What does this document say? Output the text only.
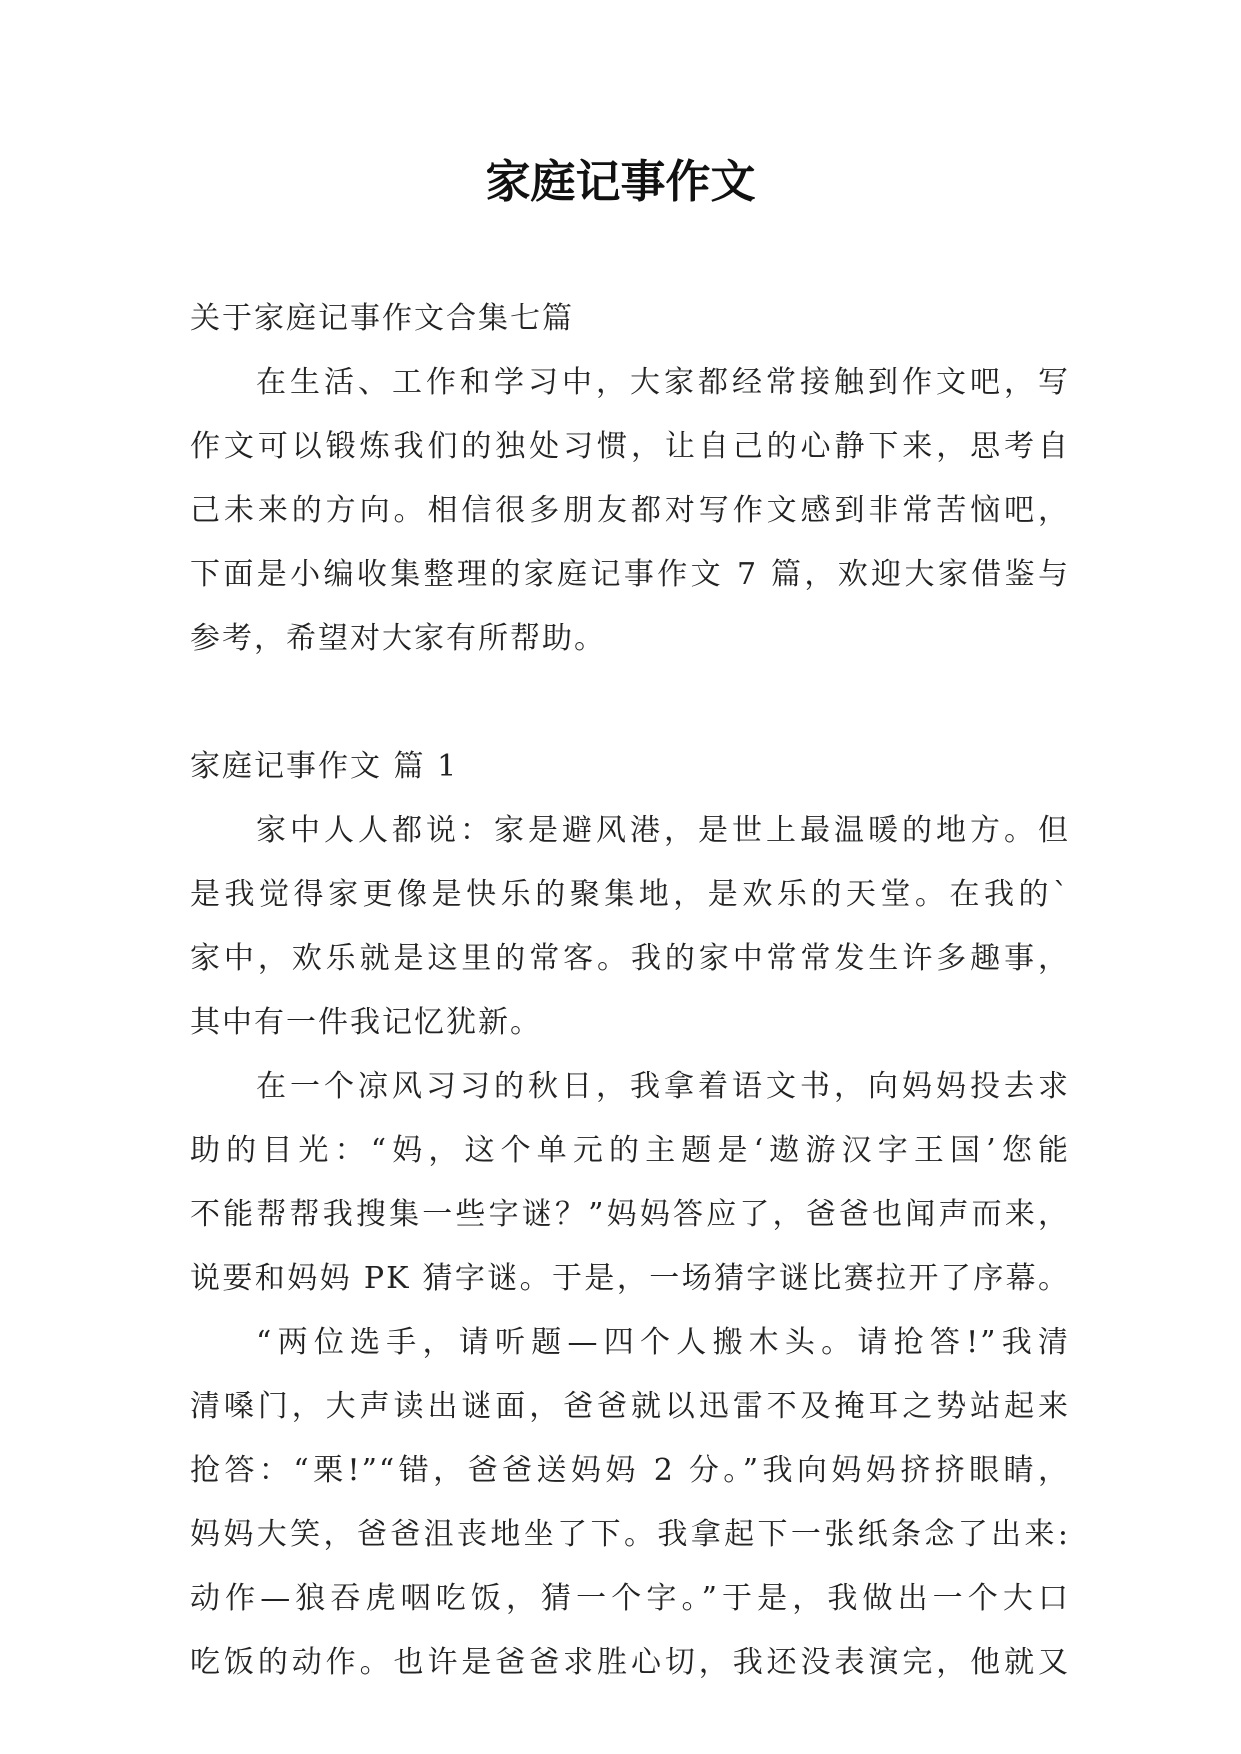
家庭记事作文

关于家庭记事作文合集七篇

在生活、工作和学习中，大家都经常接触到作文吧，写

作文可以锻炼我们的独处习惯，让自己的心静下来，思考自

己未来的方向。相信很多朋友都对写作文感到非常苦恼吧，

下面是小编收集整理的家庭记事作文 7 篇，欢迎大家借鉴与

参考，希望对大家有所帮助。

家庭记事作文 篇 1

家中人人都说：家是避风港，是世上最温暖的地方。但

是我觉得家更像是快乐的聚集地，是欢乐的天堂。在我的`

家中，欢乐就是这里的常客。我的家中常常发生许多趣事，

其中有一件我记忆犹新。

在一个凉风习习的秋日，我拿着语文书，向妈妈投去求

助的目光：“妈，这个单元的主题是‘遨游汉字王国’您能

不能帮帮我搜集一些字谜？”妈妈答应了，爸爸也闻声而来，

说要和妈妈 PK 猜字谜。于是，一场猜字谜比赛拉开了序幕。

“两位选手，请听题—四个人搬木头。请抢答!”我清

清嗓门，大声读出谜面，爸爸就以迅雷不及掩耳之势站起来

抢答：“栗!”“错，爸爸送妈妈 2 分。”我向妈妈挤挤眼睛，

妈妈大笑，爸爸沮丧地坐了下。我拿起下一张纸条念了出来:

动作—狼吞虎咽吃饭，猜一个字。”于是，我做出一个大口

吃饭的动作。也许是爸爸求胜心切，我还没表演完，他就又
